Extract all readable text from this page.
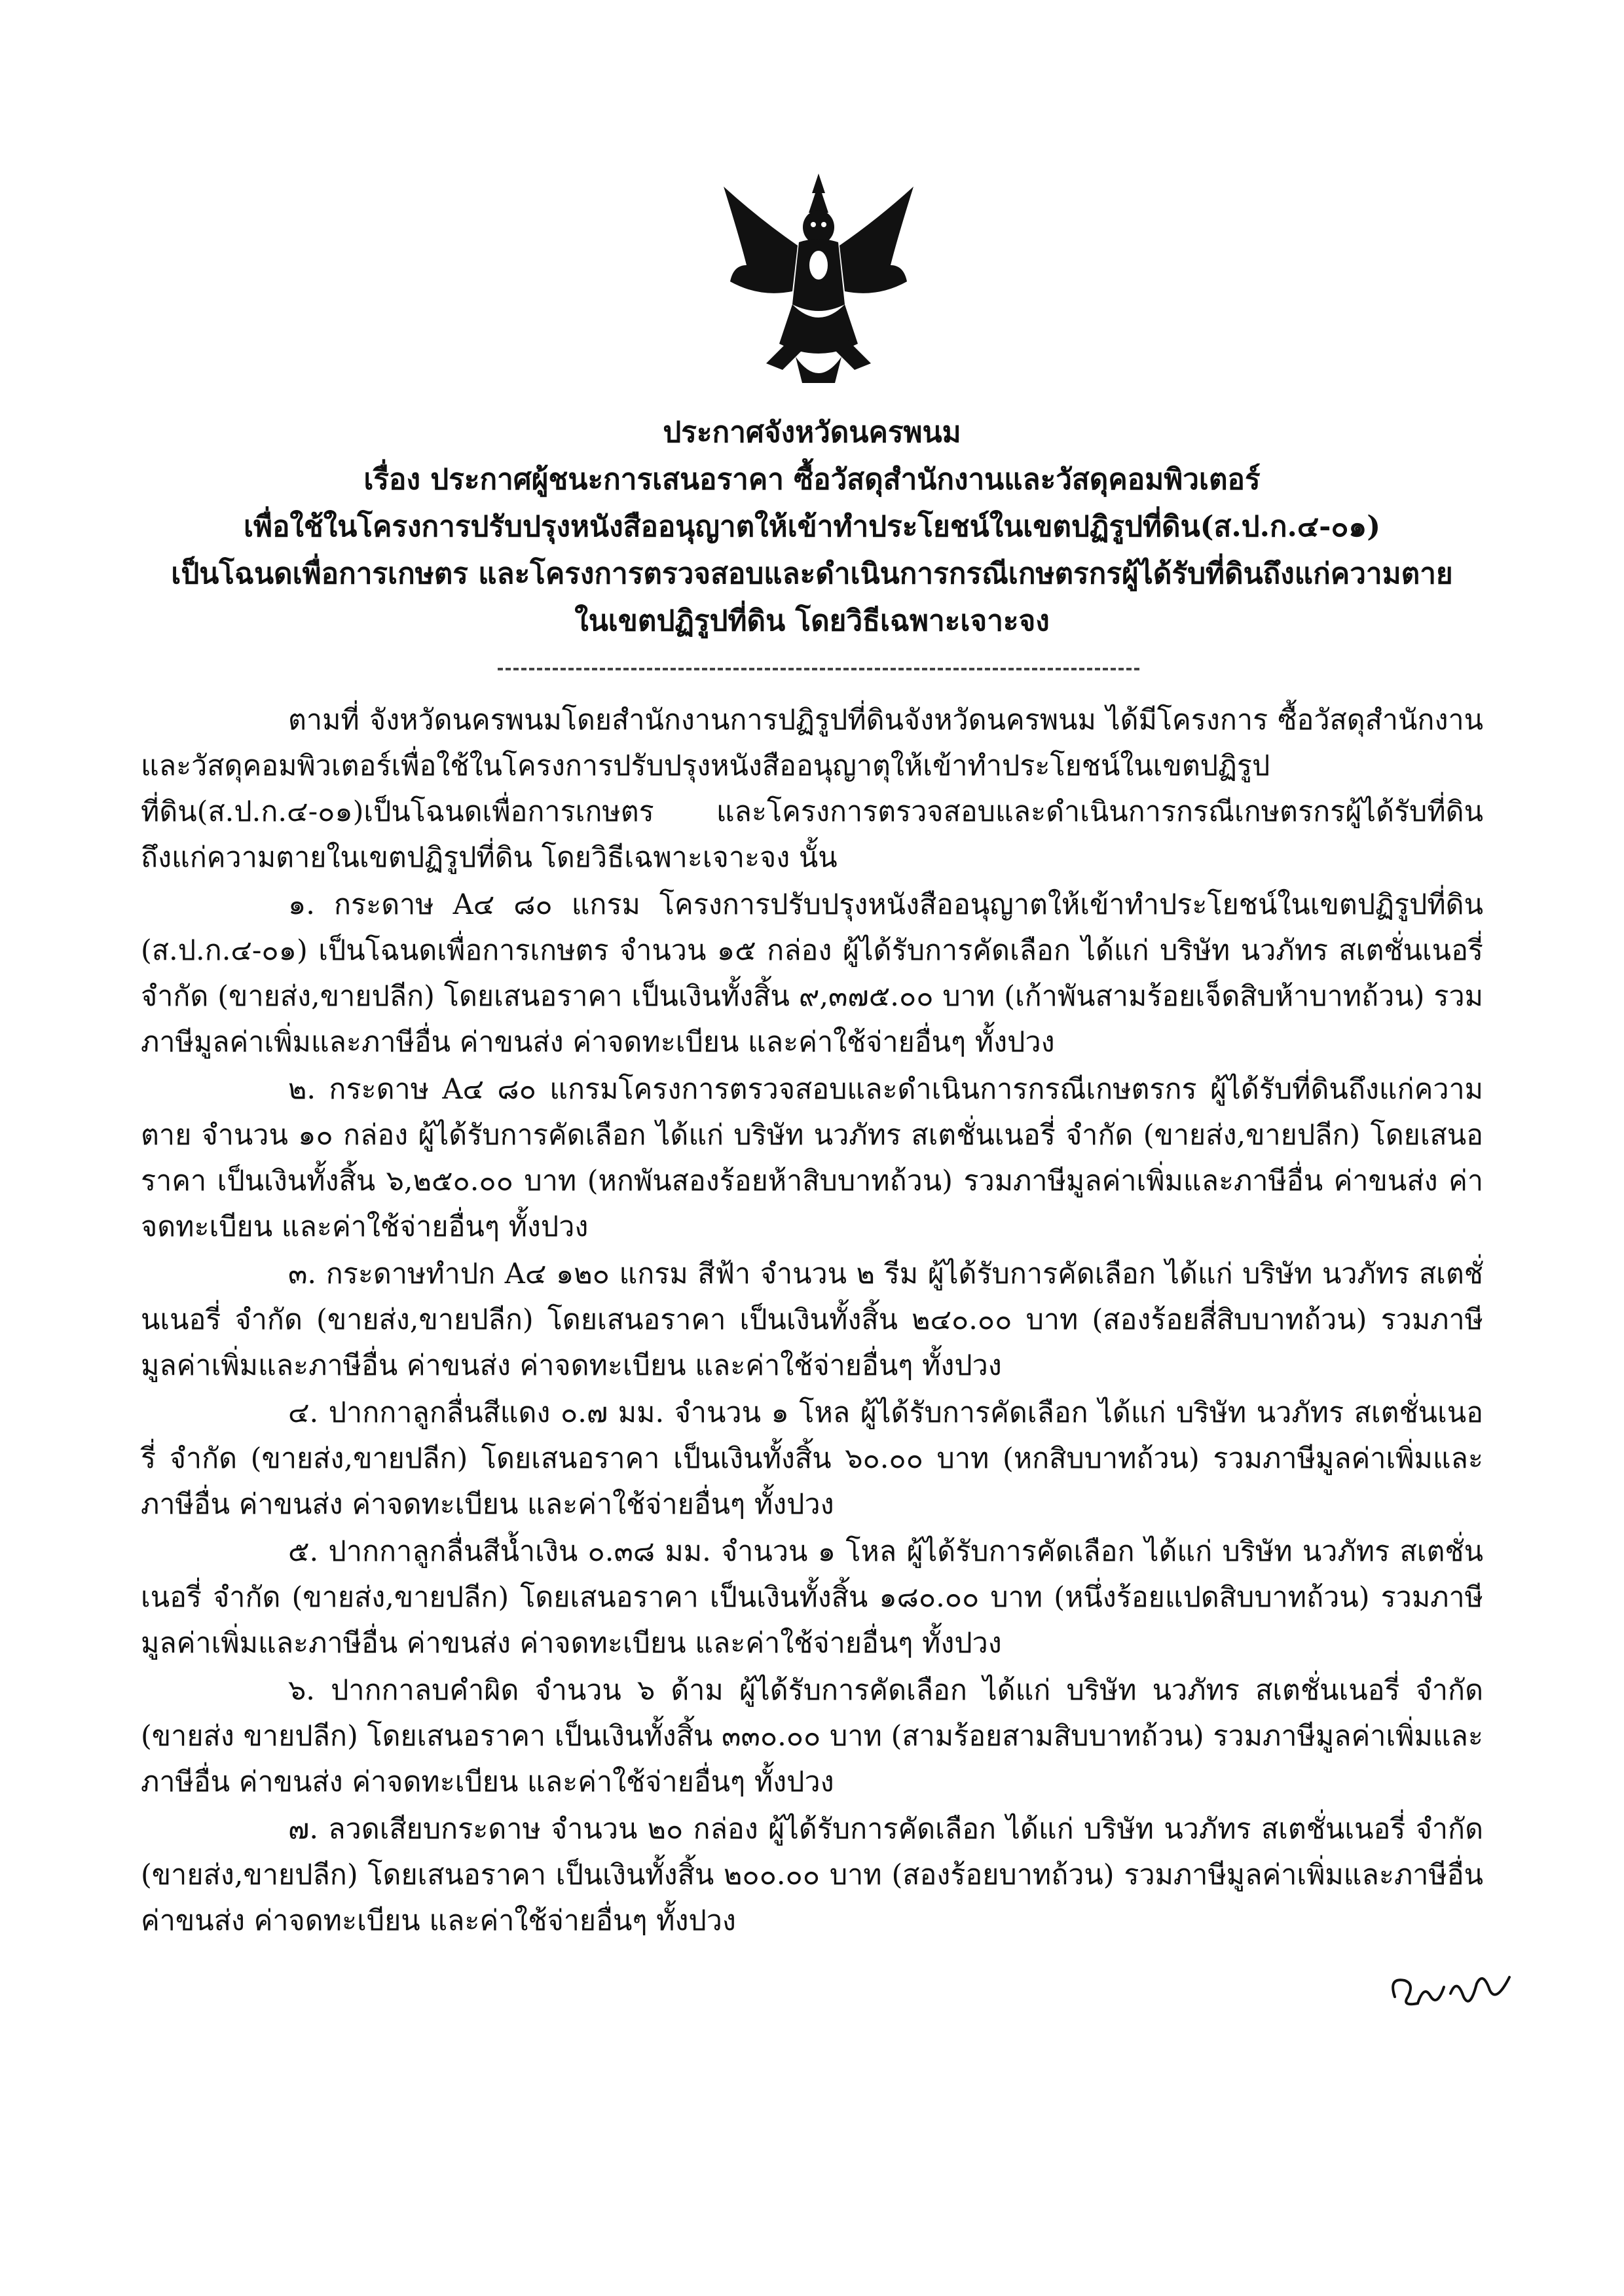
ประกาศจังหวัดนครพนม
เรื่อง ประกาศผู้ชนะการเสนอราคา ซื้อวัสดุสำนักงานและวัสดุคอมพิวเตอร์
เพื่อใช้ในโครงการปรับปรุงหนังสืออนุญาตให้เข้าทำประโยชน์ในเขตปฏิรูปที่ดิน(ส.ป.ก.๔-๐๑)
เป็นโฉนดเพื่อการเกษตร และโครงการตรวจสอบและดำเนินการกรณีเกษตรกรผู้ได้รับที่ดินถึงแก่ความตาย
ในเขตปฏิรูปที่ดิน โดยวิธีเฉพาะเจาะจง

ตามที่ จังหวัดนครพนมโดยสำนักงานการปฏิรูปที่ดินจังหวัดนครพนม ได้มีโครงการ ซื้อวัสดุสำนักงานและวัสดุคอมพิวเตอร์เพื่อใช้ในโครงการปรับปรุงหนังสืออนุญาตุให้เข้าทำประโยชน์ในเขตปฏิรูปที่ดิน(ส.ป.ก.๔-๐๑)เป็นโฉนดเพื่อการเกษตร และโครงการตรวจสอบและดำเนินการกรณีเกษตรกรผู้ได้รับที่ดินถึงแก่ความตายในเขตปฏิรูปที่ดิน โดยวิธีเฉพาะเจาะจง นั้น

๑. กระดาษ A๔ ๘๐ แกรม โครงการปรับปรุงหนังสืออนุญาตให้เข้าทำประโยชน์ในเขตปฏิรูปที่ดิน (ส.ป.ก.๔-๐๑) เป็นโฉนดเพื่อการเกษตร จำนวน ๑๕ กล่อง ผู้ได้รับการคัดเลือก ได้แก่ บริษัท นวภัทร สเตชั่นเนอรี่ จำกัด (ขายส่ง,ขายปลีก) โดยเสนอราคา เป็นเงินทั้งสิ้น ๙,๓๗๕.๐๐ บาท (เก้าพันสามร้อยเจ็ดสิบห้าบาทถ้วน) รวมภาษีมูลค่าเพิ่มและภาษีอื่น ค่าขนส่ง ค่าจดทะเบียน และค่าใช้จ่ายอื่นๆ ทั้งปวง

๒. กระดาษ A๔ ๘๐ แกรมโครงการตรวจสอบและดำเนินการกรณีเกษตรกร ผู้ได้รับที่ดินถึงแก่ความตาย จำนวน ๑๐ กล่อง ผู้ได้รับการคัดเลือก ได้แก่ บริษัท นวภัทร สเตชั่นเนอรี่ จำกัด (ขายส่ง,ขายปลีก) โดยเสนอราคา เป็นเงินทั้งสิ้น ๖,๒๕๐.๐๐ บาท (หกพันสองร้อยห้าสิบบาทถ้วน) รวมภาษีมูลค่าเพิ่มและภาษีอื่น ค่าขนส่ง ค่าจดทะเบียน และค่าใช้จ่ายอื่นๆ ทั้งปวง

๓. กระดาษทำปก A๔ ๑๒๐ แกรม สีฟ้า จำนวน ๒ รีม ผู้ได้รับการคัดเลือก ได้แก่ บริษัท นวภัทร สเตชั่นเนอรี่ จำกัด (ขายส่ง,ขายปลีก) โดยเสนอราคา เป็นเงินทั้งสิ้น ๒๔๐.๐๐ บาท (สองร้อยสี่สิบบาทถ้วน) รวมภาษีมูลค่าเพิ่มและภาษีอื่น ค่าขนส่ง ค่าจดทะเบียน และค่าใช้จ่ายอื่นๆ ทั้งปวง

๔. ปากกาลูกลื่นสีแดง ๐.๗ มม. จำนวน ๑ โหล ผู้ได้รับการคัดเลือก ได้แก่ บริษัท นวภัทร สเตชั่นเนอรี่ จำกัด (ขายส่ง,ขายปลีก) โดยเสนอราคา เป็นเงินทั้งสิ้น ๖๐.๐๐ บาท (หกสิบบาทถ้วน) รวมภาษีมูลค่าเพิ่มและภาษีอื่น ค่าขนส่ง ค่าจดทะเบียน และค่าใช้จ่ายอื่นๆ ทั้งปวง

๕. ปากกาลูกลื่นสีน้ำเงิน ๐.๓๘ มม. จำนวน ๑ โหล ผู้ได้รับการคัดเลือก ได้แก่ บริษัท นวภัทร สเตชั่นเนอรี่ จำกัด (ขายส่ง,ขายปลีก) โดยเสนอราคา เป็นเงินทั้งสิ้น ๑๘๐.๐๐ บาท (หนึ่งร้อยแปดสิบบาทถ้วน) รวมภาษีมูลค่าเพิ่มและภาษีอื่น ค่าขนส่ง ค่าจดทะเบียน และค่าใช้จ่ายอื่นๆ ทั้งปวง

๖. ปากกาลบคำผิด จำนวน ๖ ด้าม ผู้ได้รับการคัดเลือก ได้แก่ บริษัท นวภัทร สเตชั่นเนอรี่ จำกัด (ขายส่ง ขายปลีก) โดยเสนอราคา เป็นเงินทั้งสิ้น ๓๓๐.๐๐ บาท (สามร้อยสามสิบบาทถ้วน) รวมภาษีมูลค่าเพิ่มและภาษีอื่น ค่าขนส่ง ค่าจดทะเบียน และค่าใช้จ่ายอื่นๆ ทั้งปวง

๗. ลวดเสียบกระดาษ จำนวน ๒๐ กล่อง ผู้ได้รับการคัดเลือก ได้แก่ บริษัท นวภัทร สเตชั่นเนอรี่ จำกัด (ขายส่ง,ขายปลีก) โดยเสนอราคา เป็นเงินทั้งสิ้น ๒๐๐.๐๐ บาท (สองร้อยบาทถ้วน) รวมภาษีมูลค่าเพิ่มและภาษีอื่น ค่าขนส่ง ค่าจดทะเบียน และค่าใช้จ่ายอื่นๆ ทั้งปวง
